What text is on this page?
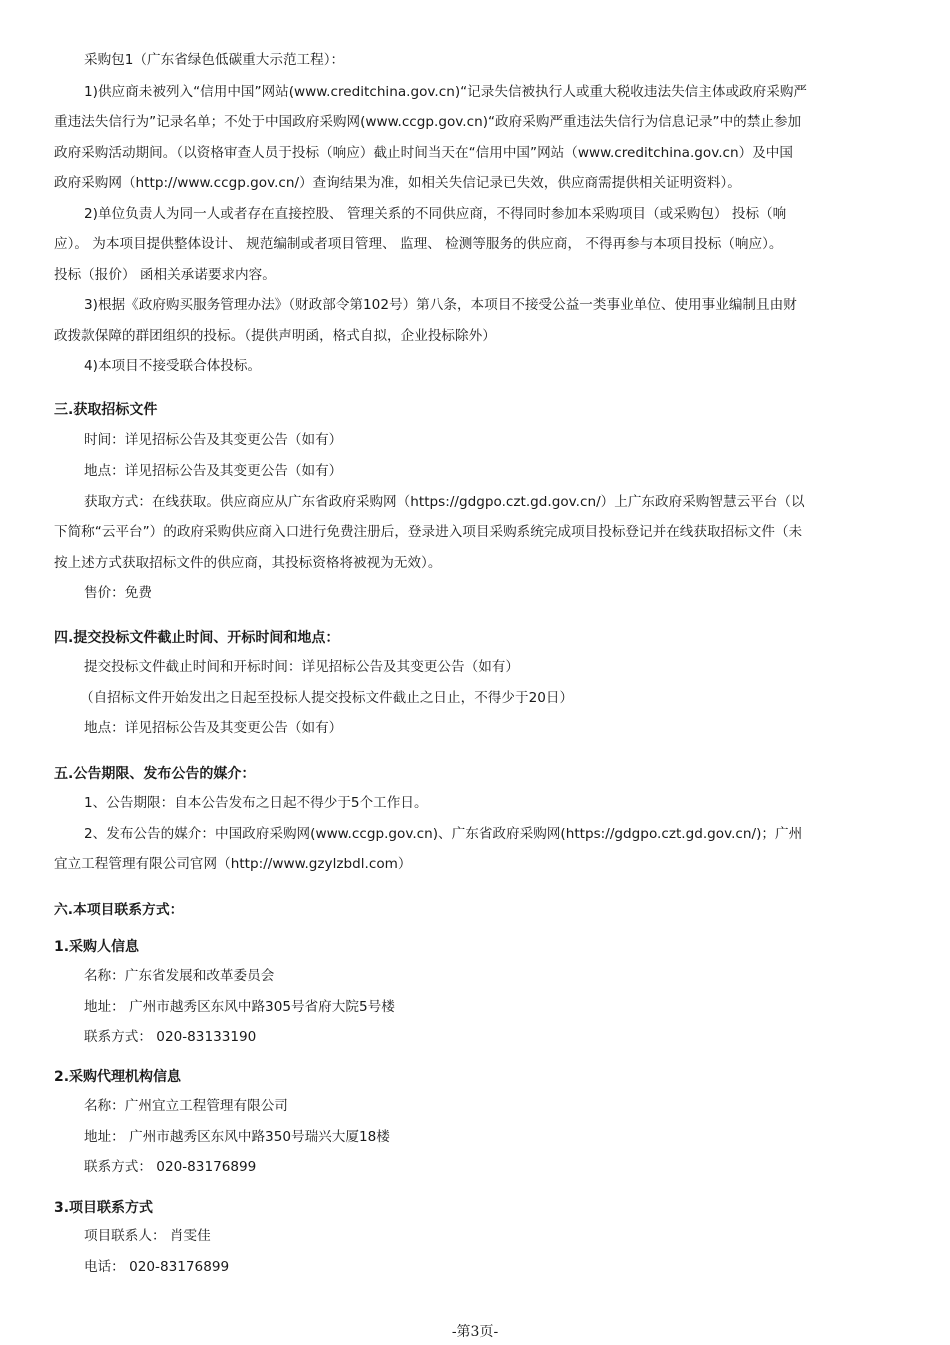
采购包1（广东省绿色低碳重大示范工程）：
1)供应商未被列入“信用中国”网站(www.creditchina.gov.cn)“记录失信被执行人或重大税收违法失信主体或政府采购严
重违法失信行为”记录名单；不处于中国政府采购网(www.ccgp.gov.cn)“政府采购严重违法失信行为信息记录”中的禁止参加
政府采购活动期间。（以资格审查人员于投标（响应）截止时间当天在“信用中国”网站（www.creditchina.gov.cn）及中国
政府采购网（http://www.ccgp.gov.cn/）查询结果为准，如相关失信记录已失效，供应商需提供相关证明资料）。
2)单位负责人为同一人或者存在直接控股、 管理关系的不同供应商，不得同时参加本采购项目（或采购包） 投标（响
应）。 为本项目提供整体设计、 规范编制或者项目管理、 监理、 检测等服务的供应商， 不得再参与本项目投标（响应）。
投标（报价） 函相关承诺要求内容。
3)根据《政府购买服务管理办法》（财政部令第102号）第八条，本项目不接受公益一类事业单位、使用事业编制且由财
政拨款保障的群团组织的投标。（提供声明函，格式自拟，企业投标除外）
4)本项目不接受联合体投标。
三.获取招标文件
时间：详见招标公告及其变更公告（如有）
地点：详见招标公告及其变更公告（如有）
获取方式：在线获取。供应商应从广东省政府采购网（https://gdgpo.czt.gd.gov.cn/）上广东政府采购智慧云平台（以
下简称“云平台”）的政府采购供应商入口进行免费注册后，登录进入项目采购系统完成项目投标登记并在线获取招标文件（未
按上述方式获取招标文件的供应商，其投标资格将被视为无效）。
售价：免费
四.提交投标文件截止时间、开标时间和地点：
提交投标文件截止时间和开标时间：详见招标公告及其变更公告（如有）
（自招标文件开始发出之日起至投标人提交投标文件截止之日止，不得少于20日）
地点：详见招标公告及其变更公告（如有）
五.公告期限、发布公告的媒介：
1、公告期限：自本公告发布之日起不得少于5个工作日。
2、发布公告的媒介：中国政府采购网(www.ccgp.gov.cn)、广东省政府采购网(https://gdgpo.czt.gd.gov.cn/)；广州
宜立工程管理有限公司官网（http://www.gzylzbdl.com）
六.本项目联系方式：
1.采购人信息
名称：广东省发展和改革委员会
地址： 广州市越秀区东风中路305号省府大院5号楼
联系方式： 020-83133190
2.采购代理机构信息
名称：广州宜立工程管理有限公司
地址： 广州市越秀区东风中路350号瑞兴大厦18楼
联系方式： 020-83176899
3.项目联系方式
项目联系人： 肖雯佳
电话： 020-83176899
-第3页-
